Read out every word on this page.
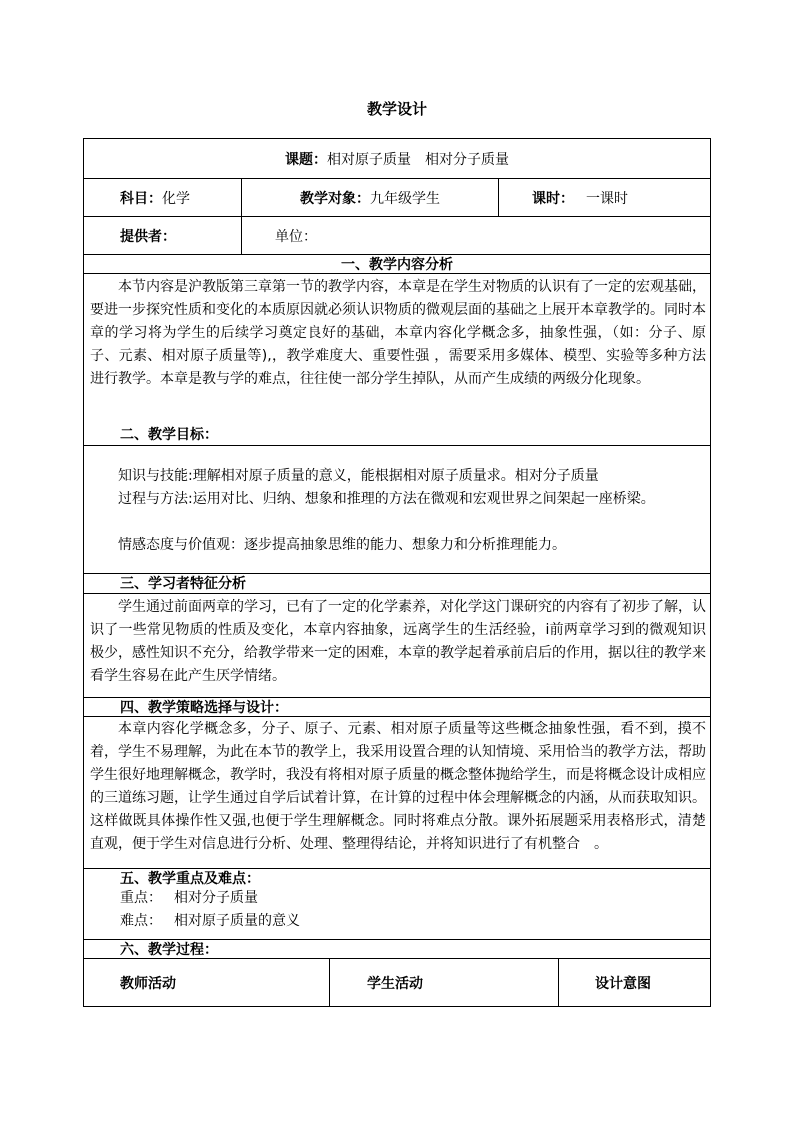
教学设计
课题： 相对原子质量　相对分子质量
科目： 化学	教学对象： 九年级学生	课时： 一课时
提供者：	单位：
一、教学内容分析
本节内容是沪教版第三章第一节的教学内容，本章是在学生对物质的认识有了一定的宏观基础，要进一步探究性质和变化的本质原因就必须认识物质的微观层面的基础之上展开本章教学的。同时本章的学习将为学生的后续学习奠定良好的基础，本章内容化学概念多，抽象性强，（如：分子、原子、元素、相对原子质量等),，教学难度大、重要性强 ，需要采用多媒体、模型、实验等多种方法进行教学。本章是教与学的难点，往往使一部分学生掉队，从而产生成绩的两级分化现象。
二、教学目标：
知识与技能:理解相对原子质量的意义，能根据相对原子质量求。相对分子质量
过程与方法:运用对比、归纳、想象和推理的方法在微观和宏观世界之间架起一座桥梁。
情感态度与价值观：逐步提高抽象思维的能力、想象力和分析推理能力。
三、学习者特征分析
学生通过前面两章的学习，已有了一定的化学素养，对化学这门课研究的内容有了初步了解，认识了一些常见物质的性质及变化，本章内容抽象，远离学生的生活经验，i前两章学习到的微观知识极少，感性知识不充分，给教学带来一定的困难，本章的教学起着承前启后的作用，据以往的教学来看学生容易在此产生厌学情绪。
四、教学策略选择与设计：
本章内容化学概念多，分子、原子、元素、相对原子质量等这些概念抽象性强，看不到，摸不着，学生不易理解，为此在本节的教学上，我采用设置合理的认知情境、采用恰当的教学方法，帮助学生很好地理解概念，教学时，我没有将相对原子质量的概念整体抛给学生，而是将概念设计成相应的三道练习题，让学生通过自学后试着计算，在计算的过程中体会理解概念的内涵，从而获取知识。这样做既具体操作性又强,也便于学生理解概念。同时将难点分散。课外拓展题采用表格形式，清楚直观，便于学生对信息进行分析、处理、整理得结论，并将知识进行了有机整合　。
五、教学重点及难点：
重点： 相对分子质量
难点： 相对原子质量的意义
六、教学过程：
教师活动	学生活动	设计意图
